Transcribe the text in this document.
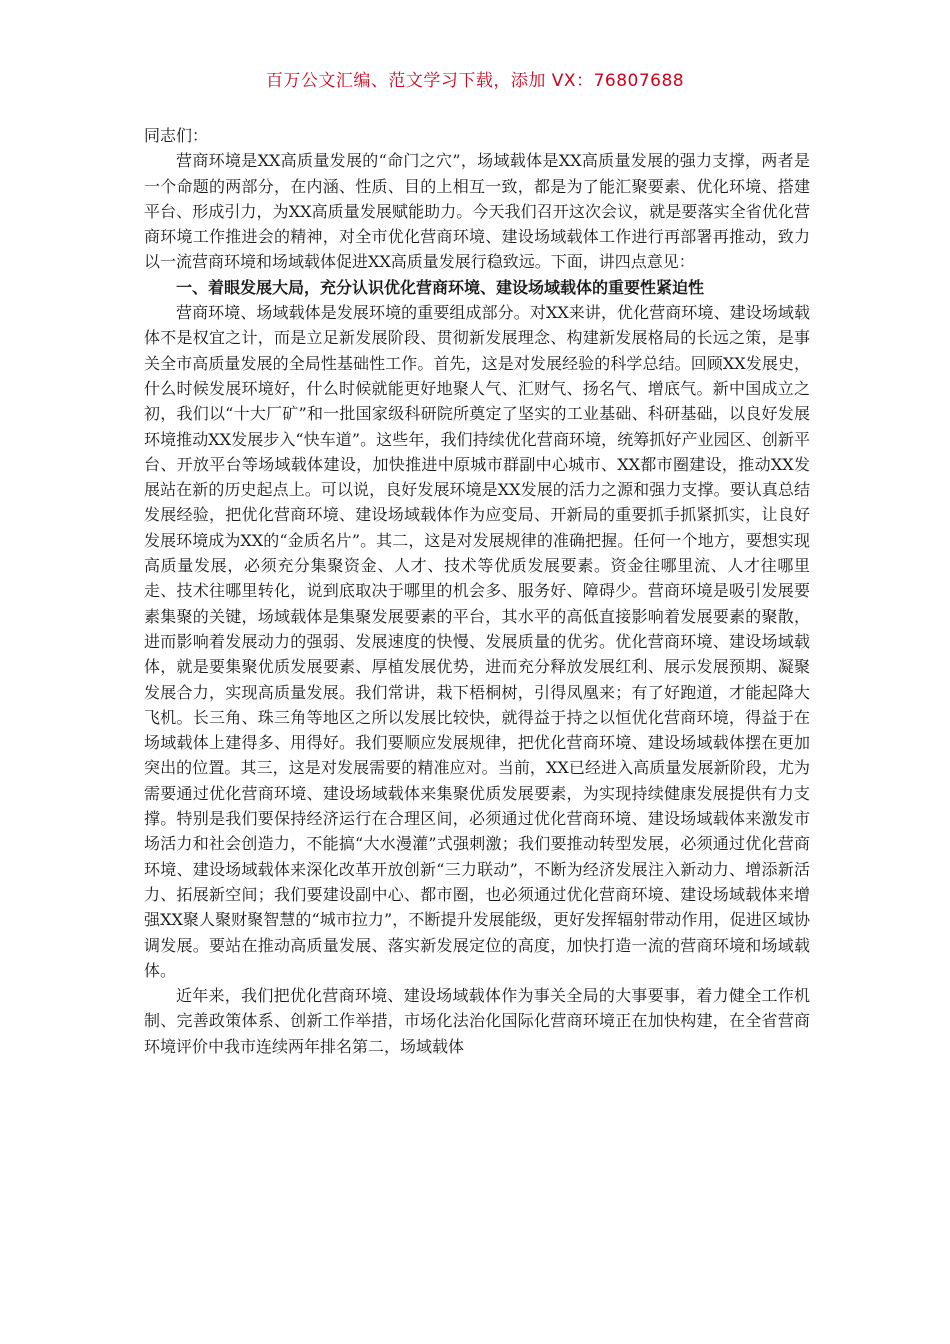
百万公文汇编、范文学习下载，添加 VX：76807688

同志们：

营商环境是XX高质量发展的“命门之穴”，场域载体是XX高质量发展的强力支撑，两者是一个命题的两部分，在内涵、性质、目的上相互一致，都是为了能汇聚要素、优化环境、搭建平台、形成引力，为XX高质量发展赋能助力。今天我们召开这次会议，就是要落实全省优化营商环境工作推进会的精神，对全市优化营商环境、建设场域载体工作进行再部署再推动，致力以一流营商环境和场域载体促进XX高质量发展行稳致远。下面，讲四点意见：

一、着眼发展大局，充分认识优化营商环境、建设场域载体的重要性紧迫性

营商环境、场域载体是发展环境的重要组成部分。对XX来讲，优化营商环境、建设场域载体不是权宜之计，而是立足新发展阶段、贯彻新发展理念、构建新发展格局的长远之策，是事关全市高质量发展的全局性基础性工作。首先，这是对发展经验的科学总结。回顾XX发展史，什么时候发展环境好，什么时候就能更好地聚人气、汇财气、扬名气、增底气。新中国成立之初，我们以“十大厂矿”和一批国家级科研院所奠定了坚实的工业基础、科研基础，以良好发展环境推动XX发展步入“快车道”。这些年，我们持续优化营商环境，统筹抓好产业园区、创新平台、开放平台等场域载体建设，加快推进中原城市群副中心城市、XX都市圈建设，推动XX发展站在新的历史起点上。可以说，良好发展环境是XX发展的活力之源和强力支撑。要认真总结发展经验，把优化营商环境、建设场域载体作为应变局、开新局的重要抓手抓紧抓实，让良好发展环境成为XX的“金质名片”。其二，这是对发展规律的准确把握。任何一个地方，要想实现高质量发展，必须充分集聚资金、人才、技术等优质发展要素。资金往哪里流、人才往哪里走、技术往哪里转化，说到底取决于哪里的机会多、服务好、障碍少。营商环境是吸引发展要素集聚的关键，场域载体是集聚发展要素的平台，其水平的高低直接影响着发展要素的聚散，进而影响着发展动力的强弱、发展速度的快慢、发展质量的优劣。优化营商环境、建设场域载体，就是要集聚优质发展要素、厚植发展优势，进而充分释放发展红利、展示发展预期、凝聚发展合力，实现高质量发展。我们常讲，栽下梧桐树，引得凤凰来；有了好跑道，才能起降大飞机。长三角、珠三角等地区之所以发展比较快，就得益于持之以恒优化营商环境，得益于在场域载体上建得多、用得好。我们要顺应发展规律，把优化营商环境、建设场域载体摆在更加突出的位置。其三，这是对发展需要的精准应对。当前，XX已经进入高质量发展新阶段，尤为需要通过优化营商环境、建设场域载体来集聚优质发展要素，为实现持续健康发展提供有力支撑。特别是我们要保持经济运行在合理区间，必须通过优化营商环境、建设场域载体来激发市场活力和社会创造力，不能搞“大水漫灌”式强刺激；我们要推动转型发展，必须通过优化营商环境、建设场域载体来深化改革开放创新“三力联动”，不断为经济发展注入新动力、增添新活力、拓展新空间；我们要建设副中心、都市圈，也必须通过优化营商环境、建设场域载体来增强XX聚人聚财聚智慧的“城市拉力”，不断提升发展能级，更好发挥辐射带动作用，促进区域协调发展。要站在推动高质量发展、落实新发展定位的高度，加快打造一流的营商环境和场域载体。

近年来，我们把优化营商环境、建设场域载体作为事关全局的大事要事，着力健全工作机制、完善政策体系、创新工作举措，市场化法治化国际化营商环境正在加快构建，在全省营商环境评价中我市连续两年排名第二，场域载体
